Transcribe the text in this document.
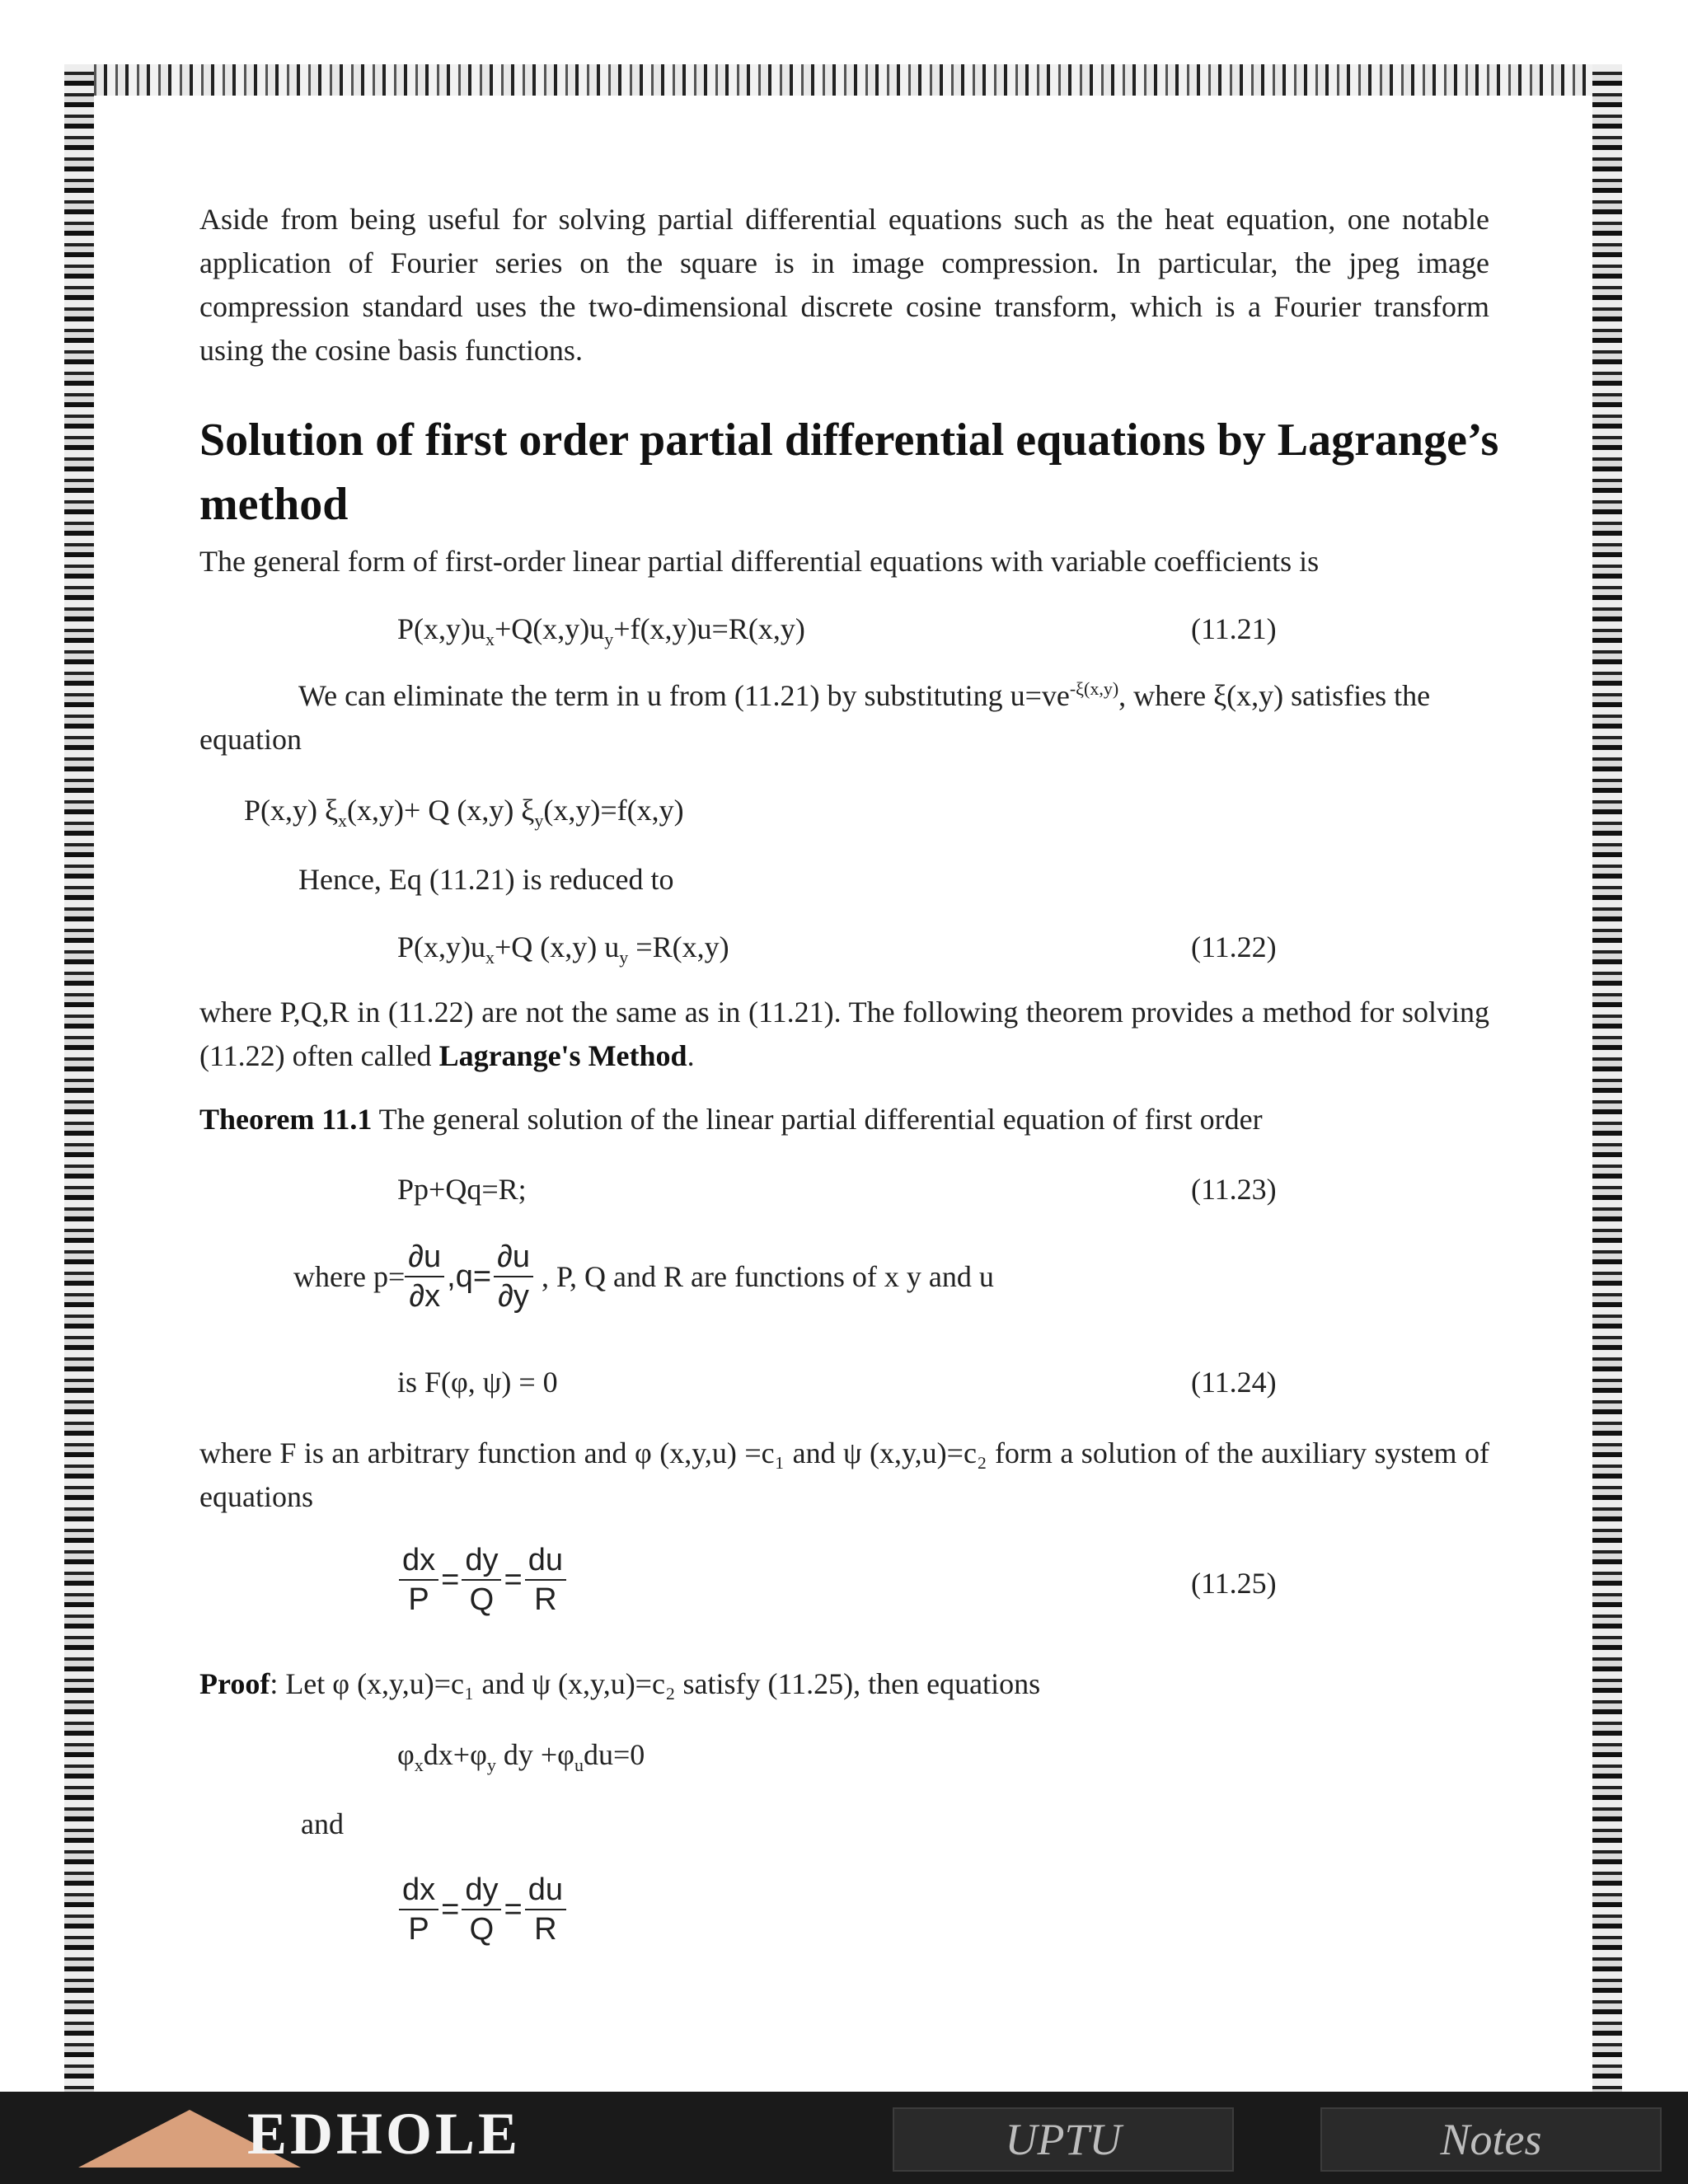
Aside from being useful for solving partial differential equations such as the heat equation, one notable application of Fourier series on the square is in image compression. In particular, the jpeg image compression standard uses the two-dimensional discrete cosine transform, which is a Fourier transform using the cosine basis functions.

Solution of first order partial differential equations by Lagrange’s method

The general form of first-order linear partial differential equations with variable coefficients is

$P(x,y)u_x+Q(x,y)u_y+f(x,y)u=R(x,y)$	(11.21)
We can eliminate the term in u from (11.21) by substituting $u=ve^{-\xi(x,y)}$, where ξ(x,y) satisfies the
equation
P(x,y) $\xi_x(x,y)+ Q$ (x,y) $\xi_y(x,y)=f(x,y)$
Hence, Eq (11.21) is reduced to
$P(x,y)u_x+Q$ (x,y) $u_y =R(x,y)$	(11.22)

where P,Q,R in (11.22) are not the same as in (11.21). The following theorem provides a method for solving (11.22) often called Lagrange's Method.

Theorem 11.1 The general solution of the linear partial differential equation of first order
Pp+Qq=R;	(11.23)
where $p= \frac{\partial u}{\partial x} ,q= \frac{\partial u}{\partial y}$ , P, Q and R are functions of x y and u
is F(φ, ψ) = 0	(11.24)

where F is an arbitrary function and φ (x,y,u) =c₁ and ψ (x,y,u)=c₂ form a solution of the auxiliary system of equations

$\frac{dx}{P} = \frac{dy}{Q} = \frac{du}{R}$	(11.25)
Proof: Let φ (x,y,u)=c₁ and ψ (x,y,u)=c₂ satisfy (11.25), then equations
$\varphi_xdx+\varphi_y$ dy $+\varphi_udu=0$
and
$\frac{dx}{P} = \frac{dy}{Q} = \frac{du}{R}$
EDHOLE	UPTU	Notes
